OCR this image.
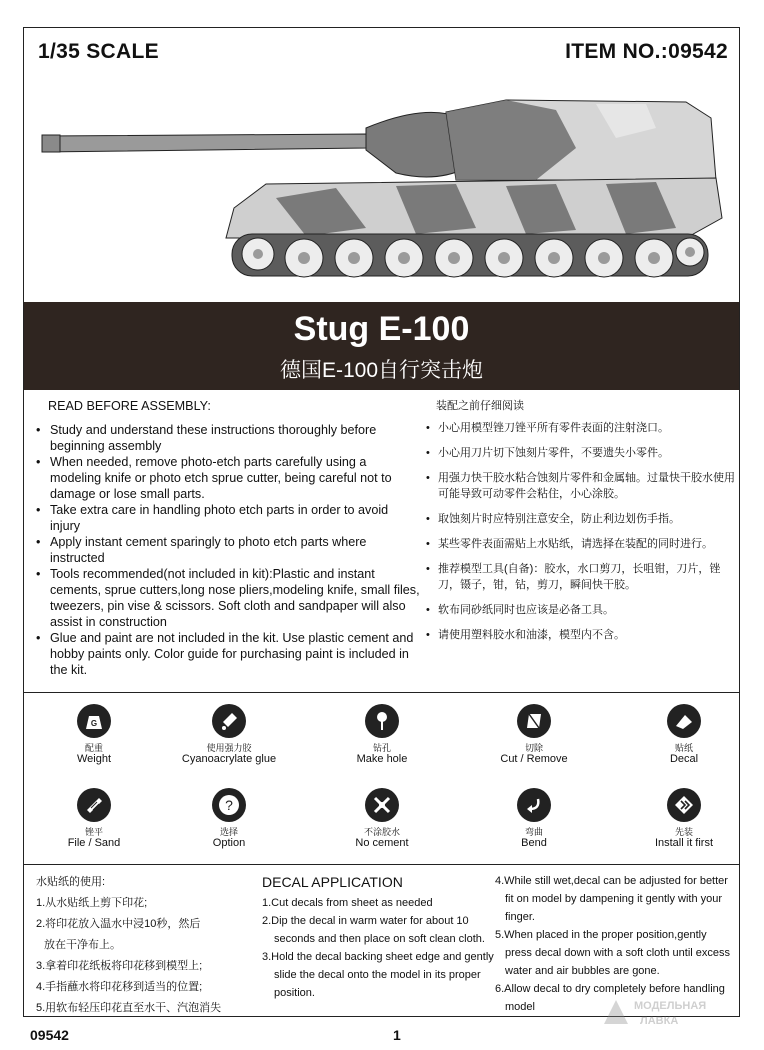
1/35 SCALE	ITEM NO.:09542
Stug E-100
德国E-100自行突击炮
READ BEFORE ASSEMBLY:
• Study and understand these instructions thoroughly before beginning assembly
• When needed, remove photo-etch parts carefully using a modeling knife or photo etch sprue cutter, being careful not to damage or lose small parts.
• Take extra care in handling photo etch parts in order to avoid injury
• Apply instant cement sparingly to photo etch parts where instructed
• Tools recommended(not included in kit):Plastic and instant cements, sprue cutters,long nose pliers,modeling knife, small files, tweezers, pin vise & scissors. Soft cloth and sandpaper will also assist in construction
• Glue and paint are not included in the kit. Use plastic cement and hobby paints only. Color guide for purchasing paint is included in the kit.
装配之前仔细阅读
• 小心用模型锉刀锉平所有零件表面的注射浇口。
• 小心用刀片切下蚀刻片零件，不要遗失小零件。
• 用强力快干胶水粘合蚀刻片零件和金属轴。过量快干胶水使用可能导致可动零件会粘住，小心涂胶。
• 取蚀刻片时应特别注意安全，防止利边划伤手指。
• 某些零件表面需贴上水贴纸，请选择在装配的同时进行。
• 推荐模型工具(自备)：胶水，水口剪刀，长咀钳，刀片，锉刀，镊子，钳，钻，剪刀，瞬间快干胶。
• 软布同砂纸同时也应该是必备工具。
• 请使用塑料胶水和油漆，模型内不含。
G
配重
Weight
使用强力胶
Cyanoacrylate glue
钻孔
Make hole
切除
Cut / Remove
贴纸
Decal
锉平
File / Sand
?
选择
Option
不涂胶水
No cement
弯曲
Bend
先装
Install it first
水贴纸的使用:
1.从水贴纸上剪下印花;
2.将印花放入温水中浸10秒，然后
放在干净布上。
3.拿着印花纸板将印花移到模型上;
4.手指蘸水将印花移到适当的位置;
5.用软布轻压印花直至水干、汽泡消失
DECAL APPLICATION
1.Cut decals from sheet as needed
2.Dip the decal in warm water for about 10 seconds and then place on soft clean cloth.
3.Hold the decal backing sheet edge and gently slide the decal onto the model in its proper position.
4.While still wet,decal can be adjusted for better fit on model by dampening it gently with your finger.
5.When placed in the proper position,gently press decal down with a soft cloth until excess water and air bubbles are gone.
6.Allow decal to dry completely before handling model	МОДЕЛЬНАЯ
ЛАВКА
09542	1
